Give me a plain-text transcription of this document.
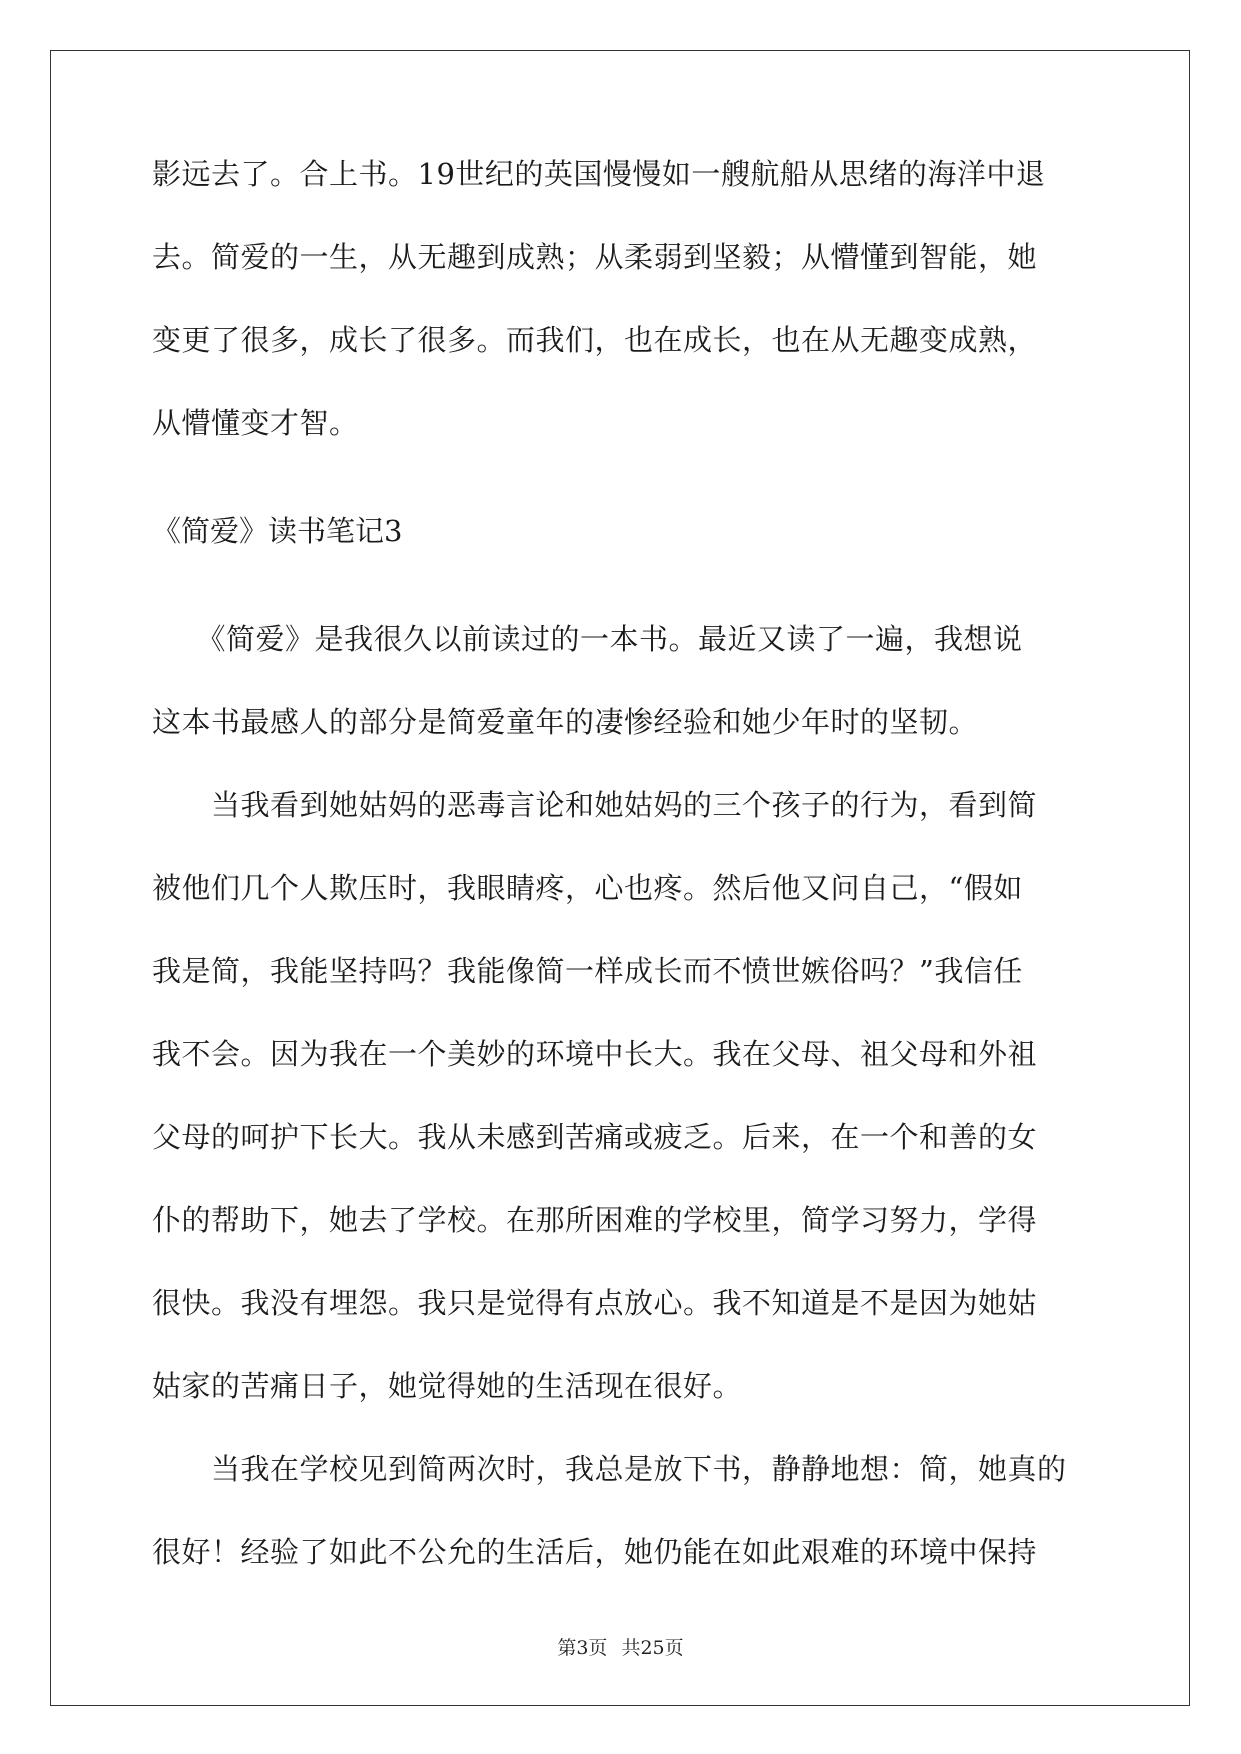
影远去了。合上书。19世纪的英国慢慢如一艘航船从思绪的海洋中退

去。简爱的一生，从无趣到成熟；从柔弱到坚毅；从懵懂到智能，她

变更了很多，成长了很多。而我们，也在成长，也在从无趣变成熟，

从懵懂变才智。

《简爱》读书笔记3

　　《简爱》是我很久以前读过的一本书。最近又读了一遍，我想说

这本书最感人的部分是简爱童年的凄惨经验和她少年时的坚韧。

　　当我看到她姑妈的恶毒言论和她姑妈的三个孩子的行为，看到简

被他们几个人欺压时，我眼睛疼，心也疼。然后他又问自己，“假如

我是简，我能坚持吗？我能像简一样成长而不愤世嫉俗吗？”我信任

我不会。因为我在一个美妙的环境中长大。我在父母、祖父母和外祖

父母的呵护下长大。我从未感到苦痛或疲乏。后来，在一个和善的女

仆的帮助下，她去了学校。在那所困难的学校里，简学习努力，学得

很快。我没有埋怨。我只是觉得有点放心。我不知道是不是因为她姑

姑家的苦痛日子，她觉得她的生活现在很好。

　　当我在学校见到简两次时，我总是放下书，静静地想：简，她真的

很好！经验了如此不公允的生活后，她仍能在如此艰难的环境中保持

第3页 共25页
